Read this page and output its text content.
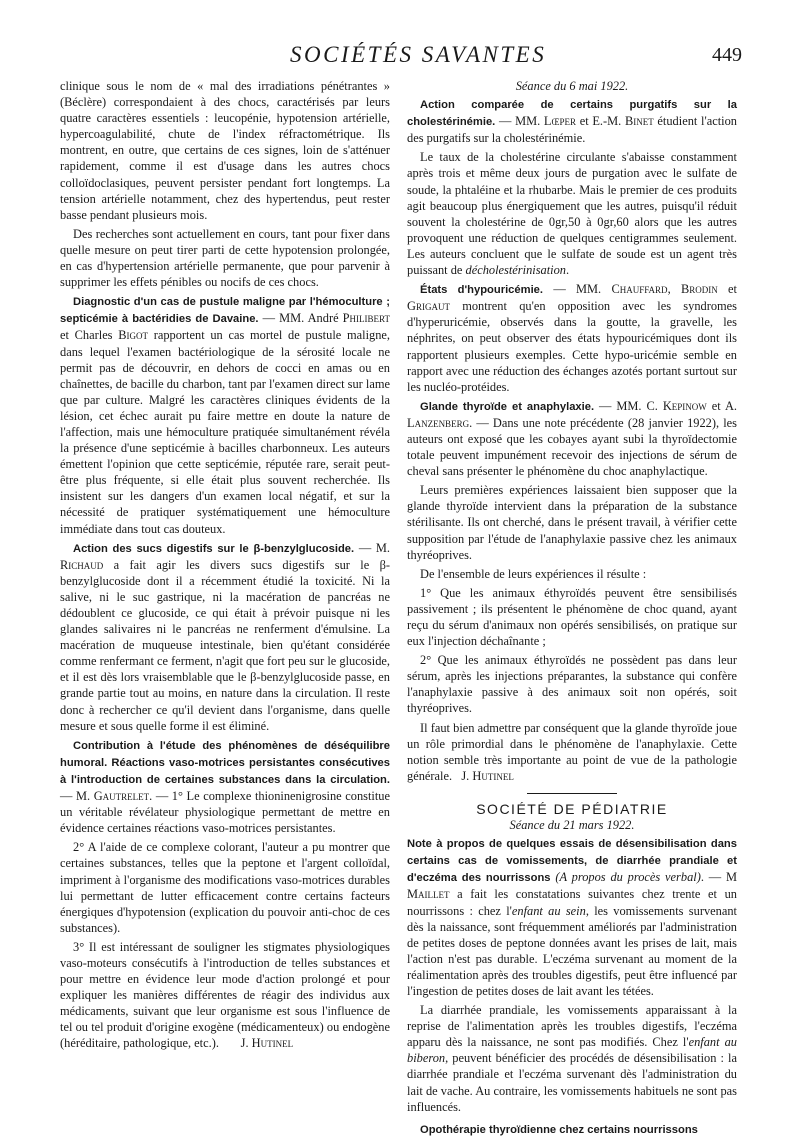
SOCIÉTÉS SAVANTES	449

clinique sous le nom de « mal des irradiations pénétrantes » (Béclère) correspondaient à des chocs, caractérisés par leurs quatre caractères essentiels : leucopénie, hypotension artérielle, hypercoagulabilité, chute de l'index réfractométrique. Ils montrent, en outre, que certains de ces signes, loin de s'atténuer rapidement, comme il est d'usage dans les autres chocs colloïdoclasiques, peuvent persister pendant fort longtemps. La tension artérielle notamment, chez des hypertendus, peut rester basse pendant plusieurs mois.

Des recherches sont actuellement en cours, tant pour fixer dans quelle mesure on peut tirer parti de cette hypotension prolongée, en cas d'hypertension artérielle permanente, que pour parvenir à supprimer les effets pénibles ou nocifs de ces chocs.

Diagnostic d'un cas de pustule maligne par l'hémoculture ; septicémie à bactéridies de Davaine. — MM. André Philibert et Charles Bigot rapportent un cas mortel de pustule maligne, dans lequel l'examen bactériologique de la sérosité locale ne permit pas de découvrir, en dehors de cocci en amas ou en chaînettes, de bacille du charbon, tant par l'examen direct sur lame que par culture. Malgré les caractères cliniques évidents de la lésion, cet échec aurait pu faire mettre en doute la nature de l'affection, mais une hémoculture pratiquée simultanément révéla la présence d'une septicémie à bacilles charbonneux. Les auteurs émettent l'opinion que cette septicémie, réputée rare, serait peut-être plus fréquente, si elle était plus souvent recherchée. Ils insistent sur les dangers d'un examen local négatif, et sur la nécessité de pratiquer systématiquement une hémoculture immédiate dans tout cas douteux.

Action des sucs digestifs sur le β-benzylglucoside. — M. Richaud a fait agir les divers sucs digestifs sur le β-benzylglucoside dont il a récemment étudié la toxicité. Ni la salive, ni le suc gastrique, ni la macération de pancréas ne dédoublent ce glucoside, ce qui était à prévoir puisque ni les glandes salivaires ni le pancréas ne renferment d'émulsine. La macération de muqueuse intestinale, bien qu'étant considérée comme renfermant ce ferment, n'agit que fort peu sur le glucoside, et il est dès lors vraisemblable que le β-benzylglucoside passe, en grande partie tout au moins, en nature dans la circulation. Il reste donc à rechercher ce qu'il devient dans l'organisme, dans quelle mesure et sous quelle forme il est éliminé.

Contribution à l'étude des phénomènes de déséquilibre humoral. Réactions vaso-motrices persistantes consécutives à l'introduction de certaines substances dans la circulation. — M. Gautrelet. — 1° Le complexe thioninenigrosine constitue un véritable révélateur physiologique permettant de mettre en évidence certaines réactions vaso-motrices persistantes.

2° A l'aide de ce complexe colorant, l'auteur a pu montrer que certaines substances, telles que la peptone et l'argent colloïdal, impriment à l'organisme des modifications vaso-motrices durables lui permettant de lutter efficacement contre certains facteurs énergiques d'hypotension (explication du pouvoir anti-choc de ces substances).

3° Il est intéressant de souligner les stigmates physiologiques vaso-moteurs consécutifs à l'introduction de telles substances et pour mettre en évidence leur mode d'action prolongé et pour expliquer les manières différentes de réagir des individus aux médicaments, suivant que leur organisme est sous l'influence de tel ou tel produit d'origine exogène (médicamenteux) ou endogène (héréditaire, pathologique, etc.). J. Hutinel

Séance du 6 mai 1922.

Action comparée de certains purgatifs sur la cholestérinémie. — MM. Lœper et E.-M. Binet étudient l'action des purgatifs sur la cholestérinémie.

Le taux de la cholestérine circulante s'abaisse constamment après trois et même deux jours de purgation avec le sulfate de soude, la phtaléine et la rhubarbe. Mais le premier de ces produits agit beaucoup plus énergiquement que les autres, puisqu'il réduit souvent la cholestérine de 0gr,50 à 0gr,60 alors que les autres provoquent une réduction de quelques centigrammes seulement. Les auteurs concluent que le sulfate de soude est un agent très puissant de décholestérinisation.

États d'hypouricémie. — MM. Chauffard, Brodin et Grigaut montrent qu'en opposition avec les syndromes d'hyperuricémie, observés dans la goutte, la gravelle, les néphrites, on peut observer des états hypouricémiques dont ils rapportent plusieurs exemples. Cette hypo-uricémie semble en rapport avec une réduction des échanges azotés portant surtout sur les nucléo-protéides.

Glande thyroïde et anaphylaxie. — MM. C. Kepinow et A. Lanzenberg. — Dans une note précédente (28 janvier 1922), les auteurs ont exposé que les cobayes ayant subi la thyroïdectomie totale peuvent impunément recevoir des injections de sérum de cheval sans présenter le phénomène du choc anaphylactique.

Leurs premières expériences laissaient bien supposer que la glande thyroïde intervient dans la préparation de la substance stérilisante. Ils ont cherché, dans le présent travail, à vérifier cette supposition par l'étude de l'anaphylaxie passive chez les animaux thyréoprives.

De l'ensemble de leurs expériences il résulte :

1° Que les animaux éthyroïdés peuvent être sensibilisés passivement ; ils présentent le phénomène de choc quand, ayant reçu du sérum d'animaux non opérés sensibilisés, on pratique sur eux l'injection déchaînante ;

2° Que les animaux éthyroïdés ne possèdent pas dans leur sérum, après les injections préparantes, la substance qui confère l'anaphylaxie passive à des animaux soit non opérés, soit thyréoprives.

Il faut bien admettre par conséquent que la glande thyroïde joue un rôle primordial dans le phénomène de l'anaphylaxie. Cette notion semble très importante au point de vue de la pathologie générale. J. Hutinel

SOCIÉTÉ DE PÉDIATRIE

Séance du 21 mars 1922.

Note à propos de quelques essais de désensibilisation dans certains cas de vomissements, de diarrhée prandiale et d'eczéma des nourrissons (A propos du procès verbal). — M Maillet a fait les constatations suivantes chez trente et un nourrissons : chez l'enfant au sein, les vomissements survenant dès la naissance, sont fréquemment améliorés par l'administration de petites doses de peptone données avant les prises de lait, mais l'action n'est pas durable. L'eczéma survenant au moment de la réalimentation après des troubles digestifs, peut être influencé par l'ingestion de petites doses de lait avant les tétées.

La diarrhée prandiale, les vomissements apparaissant à la reprise de l'alimentation après les troubles digestifs, l'eczéma apparu dès la naissance, ne sont pas modifiés. Chez l'enfant au biberon, peuvent bénéficier des procédés de désensibilisation : la diarrhée prandiale et l'eczéma survenant dès l'administration du lait de vache. Au contraire, les vomissements habituels ne sont pas influencés.

Opothérapie thyroïdienne chez certains nourrissons
